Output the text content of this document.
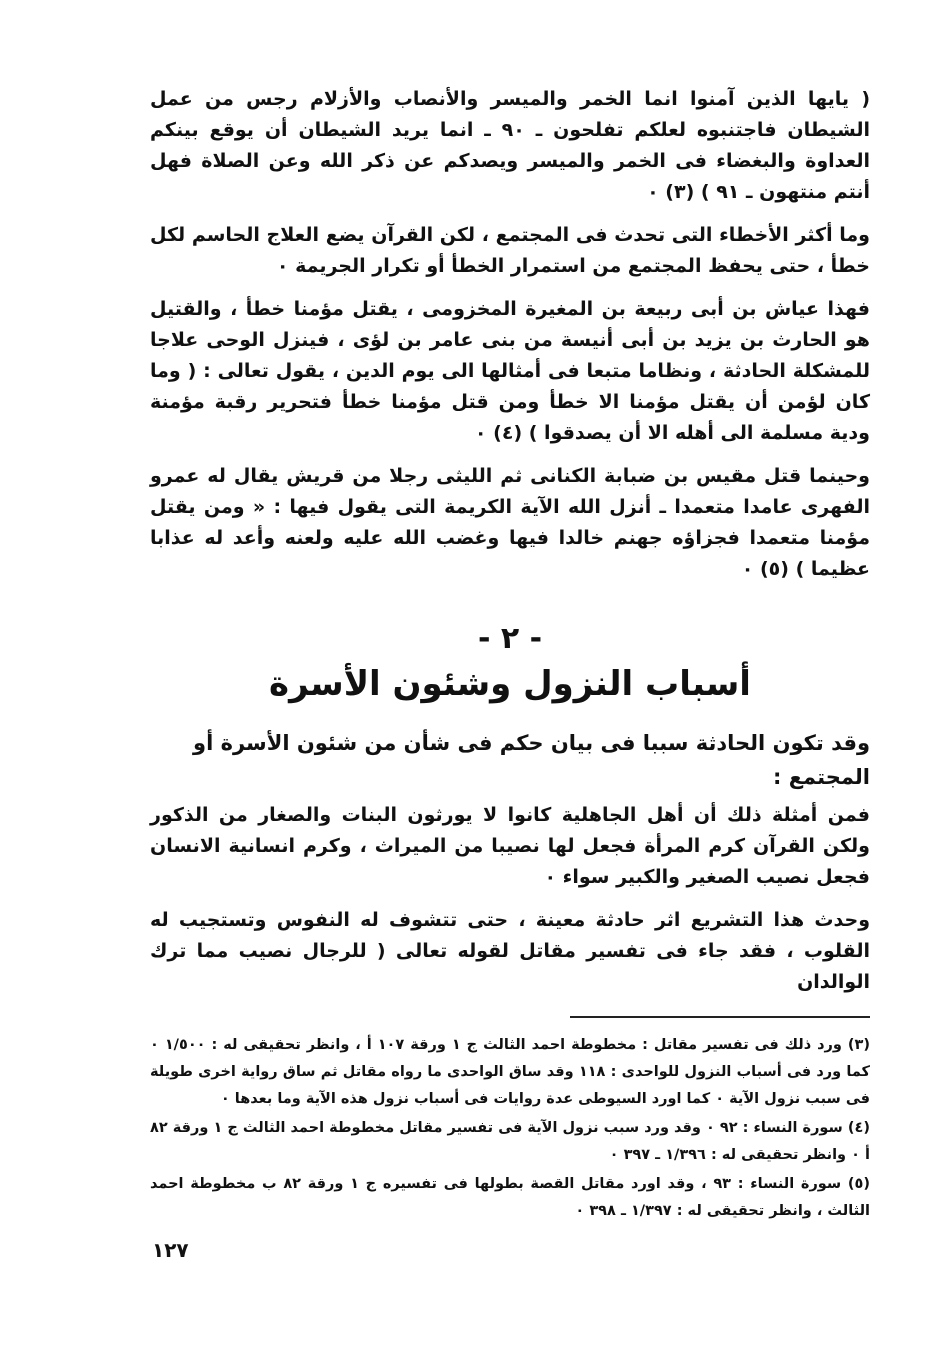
( يايها الذين آمنوا انما الخمر والميسر والأنصاب والأزلام رجس من عمل الشيطان فاجتنبوه لعلكم تفلحون ـ ٩٠ ـ انما يريد الشيطان أن يوقع بينكم العداوة والبغضاء فى الخمر والميسر ويصدكم عن ذكر الله وعن الصلاة فهل أنتم منتهون ـ ٩١ ) (٣) ٠

وما أكثر الأخطاء التى تحدث فى المجتمع ، لكن القرآن يضع العلاج الحاسم لكل خطأ ، حتى يحفظ المجتمع من استمرار الخطأ أو تكرار الجريمة ٠

فهذا عياش بن أبى ربيعة بن المغيرة المخزومى ، يقتل مؤمنا خطأ ، والقتيل هو الحارث بن يزيد بن أبى أنيسة من بنى عامر بن لؤى ، فينزل الوحى علاجا للمشكلة الحادثة ، ونظاما متبعا فى أمثالها الى يوم الدين ، يقول تعالى : ( وما كان لؤمن أن يقتل مؤمنا الا خطأ ومن قتل مؤمنا خطأ فتحرير رقبة مؤمنة ودية مسلمة الى أهله الا أن يصدقوا ) (٤) ٠

وحينما قتل مقيس بن ضبابة الكنانى ثم الليثى رجلا من قريش يقال له عمرو الفهرى عامدا متعمدا ـ أنزل الله الآية الكريمة التى يقول فيها : « ومن يقتل مؤمنا متعمدا فجزاؤه جهنم خالدا فيها وغضب الله عليه ولعنه وأعد له عذابا عظيما ) (٥) ٠

- ٢ -
أسباب النزول وشئون الأسرة
وقد تكون الحادثة سببا فى بيان حكم فى شأن من شئون الأسرة أو المجتمع :

فمن أمثلة ذلك أن أهل الجاهلية كانوا لا يورثون البنات والصغار من الذكور ولكن القرآن كرم المرأة فجعل لها نصيبا من الميراث ، وكرم انسانية الانسان فجعل نصيب الصغير والكبير سواء ٠

وحدث هذا التشريع اثر حادثة معينة ، حتى تتشوف له النفوس وتستجيب له القلوب ، فقد جاء فى تفسير مقاتل لقوله تعالى ( للرجال نصيب مما ترك الوالدان

(٣) ورد ذلك فى تفسير مقاتل : مخطوطة احمد الثالث ج ١ ورقة ١٠٧ أ ، وانظر تحقيقى له : ١/٥٠٠ ٠ كما ورد فى أسباب النزول للواحدى : ١١٨ وقد ساق الواحدى ما رواه مقاتل ثم ساق رواية اخرى طويلة فى سبب نزول الآية ٠ كما اورد السيوطى عدة روايات فى أسباب نزول هذه الآية وما بعدها ٠

(٤) سورة النساء : ٩٢ ٠ وقد ورد سبب نزول الآية فى تفسير مقاتل مخطوطة احمد الثالث ج ١ ورقة ٨٢ أ ٠ وانظر تحقيقى له : ١/٣٩٦ ـ ٣٩٧ ٠

(٥) سورة النساء : ٩٣ ، وقد اورد مقاتل القصة بطولها فى تفسيره ج ١ ورقة ٨٢ ب مخطوطة احمد الثالث ، وانظر تحقيقى له : ١/٣٩٧ ـ ٣٩٨ ٠

١٢٧
